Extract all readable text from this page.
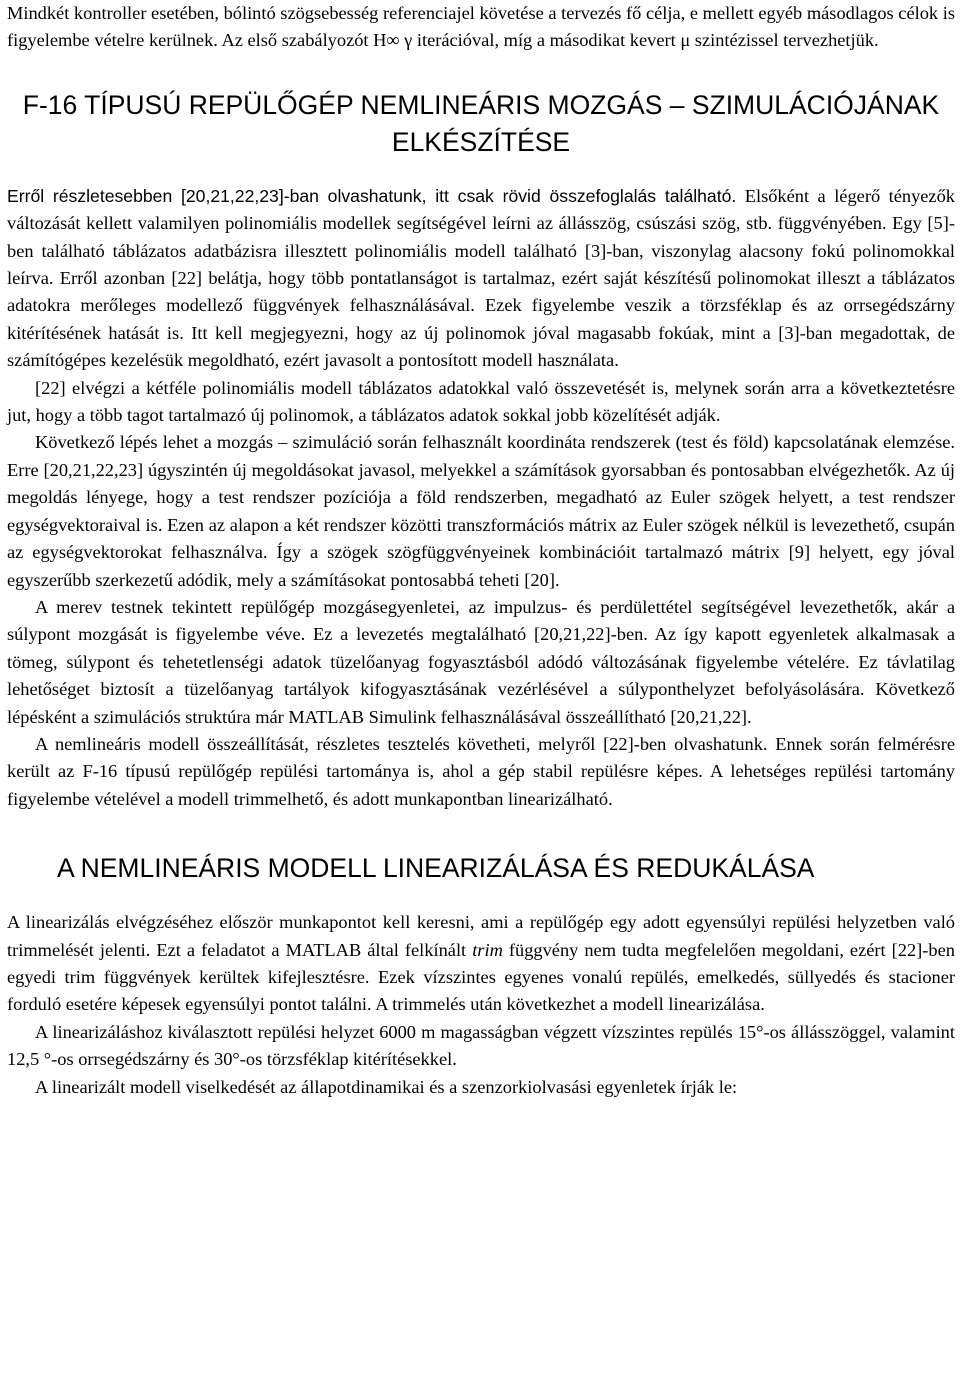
Mindkét kontroller esetében, bólintó szögsebesség referenciajel követése a tervezés fő célja, e mellett egyéb másodlagos célok is figyelembe vételre kerülnek. Az első szabályozót H∞ γ iterációval, míg a másodikat kevert μ szintézissel tervezhetjük.

F-16 TÍPUSÚ REPÜLŐGÉP NEMLINEÁRIS MOZGÁS – SZIMULÁCIÓJÁNAK ELKÉSZÍTÉSE

Erről részletesebben [20,21,22,23]-ban olvashatunk, itt csak rövid összefoglalás található. Elsőként a légerő tényezők változását kellett valamilyen polinomiális modellek segítségével leírni az állásszög, csúszási szög, stb. függvényében. Egy [5]-ben található táblázatos adatbázisra illesztett polinomiális modell található [3]-ban, viszonylag alacsony fokú polinomokkal leírva. Erről azonban [22] belátja, hogy több pontatlanságot is tartalmaz, ezért saját készítésű polinomokat illeszt a táblázatos adatokra merőleges modellező függvények felhasználásával. Ezek figyelembe veszik a törzsféklap és az orrsegédszárny kitérítésének hatását is. Itt kell megjegyezni, hogy az új polinomok jóval magasabb fokúak, mint a [3]-ban megadottak, de számítógépes kezelésük megoldható, ezért javasolt a pontosított modell használata.

[22] elvégzi a kétféle polinomiális modell táblázatos adatokkal való összevetését is, melynek során arra a következtetésre jut, hogy a több tagot tartalmazó új polinomok, a táblázatos adatok sokkal jobb közelítését adják.

Következő lépés lehet a mozgás – szimuláció során felhasznált koordináta rendszerek (test és föld) kapcsolatának elemzése. Erre [20,21,22,23] úgyszintén új megoldásokat javasol, melyekkel a számítások gyorsabban és pontosabban elvégezhetők. Az új megoldás lényege, hogy a test rendszer pozíciója a föld rendszerben, megadható az Euler szögek helyett, a test rendszer egységvektoraival is. Ezen az alapon a két rendszer közötti transzformációs mátrix az Euler szögek nélkül is levezethető, csupán az egységvektorokat felhasználva. Így a szögek szögfüggvényeinek kombinációit tartalmazó mátrix [9] helyett, egy jóval egyszerűbb szerkezetű adódik, mely a számításokat pontosabbá teheti [20].

A merev testnek tekintett repülőgép mozgásegyenletei, az impulzus- és perdülettétel segítségével levezethetők, akár a súlypont mozgását is figyelembe véve. Ez a levezetés megtalálható [20,21,22]-ben. Az így kapott egyenletek alkalmasak a tömeg, súlypont és tehetetlenségi adatok tüzelőanyag fogyasztásból adódó változásának figyelembe vételére. Ez távlatilag lehetőséget biztosít a tüzelőanyag tartályok kifogyasztásának vezérlésével a súlyponthelyzet befolyásolására. Következő lépésként a szimulációs struktúra már MATLAB Simulink felhasználásával összeállítható [20,21,22].

A nemlineáris modell összeállítását, részletes tesztelés követheti, melyről [22]-ben olvashatunk. Ennek során felmérésre került az F-16 típusú repülőgép repülési tartománya is, ahol a gép stabil repülésre képes. A lehetséges repülési tartomány figyelembe vételével a modell trimmelhető, és adott munkapontban linearizálható.

A NEMLINEÁRIS MODELL LINEARIZÁLÁSA ÉS REDUKÁLÁSA

A linearizálás elvégzéséhez először munkapontot kell keresni, ami a repülőgép egy adott egyensúlyi repülési helyzetben való trimmelését jelenti. Ezt a feladatot a MATLAB által felkínált trim függvény nem tudta megfelelően megoldani, ezért [22]-ben egyedi trim függvények kerültek kifejlesztésre. Ezek vízszintes egyenes vonalú repülés, emelkedés, süllyedés és stacioner forduló esetére képesek egyensúlyi pontot találni. A trimmelés után következhet a modell linearizálása.

A linearizáláshoz kiválasztott repülési helyzet 6000 m magasságban végzett vízszintes repülés 15°-os állásszöggel, valamint 12,5 °-os orrsegédszárny és 30°-os törzsféklap kitérítésekkel.

A linearizált modell viselkedését az állapotdinamikai és a szenzorkiolvasási egyenletek írják le:
